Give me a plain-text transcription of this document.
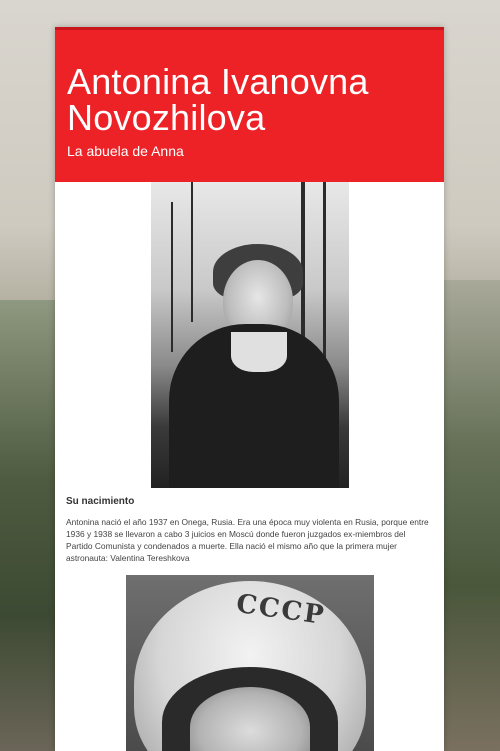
Antonina Ivanovna Novozhilova
La abuela de Anna
Su nacimiento

Antonina nació el año 1937 en Onega, Rusia. Era una época muy violenta en Rusia, porque entre 1936 y 1938 se llevaron a cabo 3 juicios en Moscú donde fueron juzgados ex-miembros del Partido Comunista y condenados a muerte. Ella nació el mismo año que la primera mujer astronauta: Valentina Tereshkova

СССР
